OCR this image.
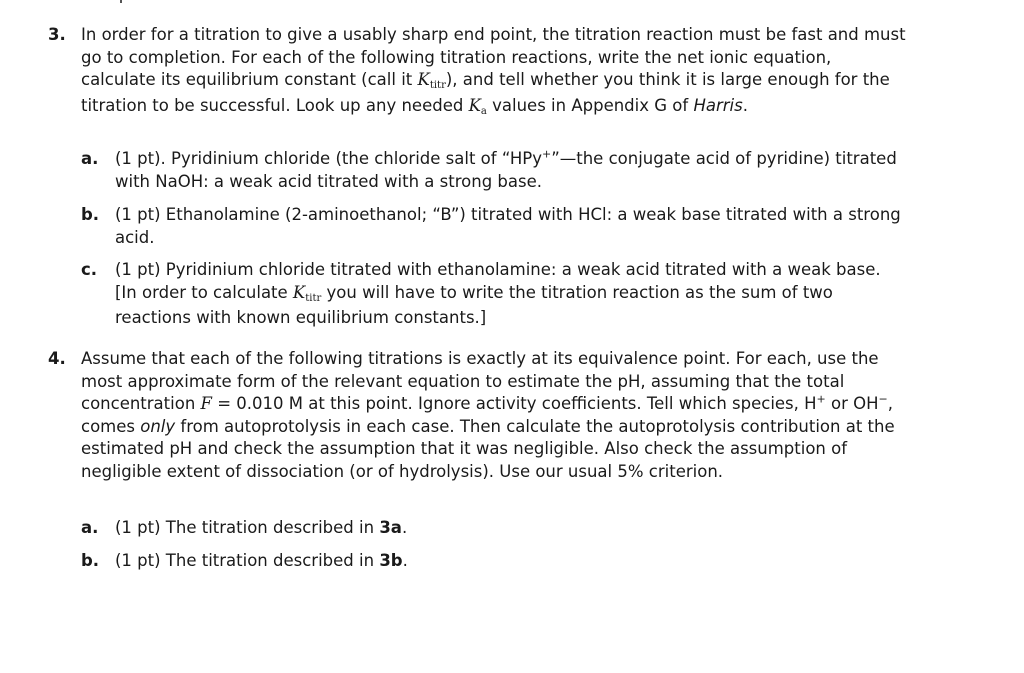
3. In order for a titration to give a usably sharp end point, the titration reaction must be fast and must go to completion. For each of the following titration reactions, write the net ionic equation, calculate its equilibrium constant (call it Ktitr), and tell whether you think it is large enough for the titration to be successful. Look up any needed Ka values in Appendix G of Harris.
a. (1 pt). Pyridinium chloride (the chloride salt of “HPy+”—the conjugate acid of pyridine) titrated with NaOH: a weak acid titrated with a strong base.
b. (1 pt) Ethanolamine (2-aminoethanol; “B”) titrated with HCl: a weak base titrated with a strong acid.
c. (1 pt) Pyridinium chloride titrated with ethanolamine: a weak acid titrated with a weak base. [In order to calculate Ktitr you will have to write the titration reaction as the sum of two reactions with known equilibrium constants.]
4. Assume that each of the following titrations is exactly at its equivalence point. For each, use the most approximate form of the relevant equation to estimate the pH, assuming that the total concentration F = 0.010 M at this point. Ignore activity coefficients. Tell which species, H+ or OH−, comes only from autoprotolysis in each case. Then calculate the autoprotolysis contribution at the estimated pH and check the assumption that it was negligible. Also check the assumption of negligible extent of dissociation (or of hydrolysis). Use our usual 5% criterion.
a. (1 pt) The titration described in 3a.
b. (1 pt) The titration described in 3b.
